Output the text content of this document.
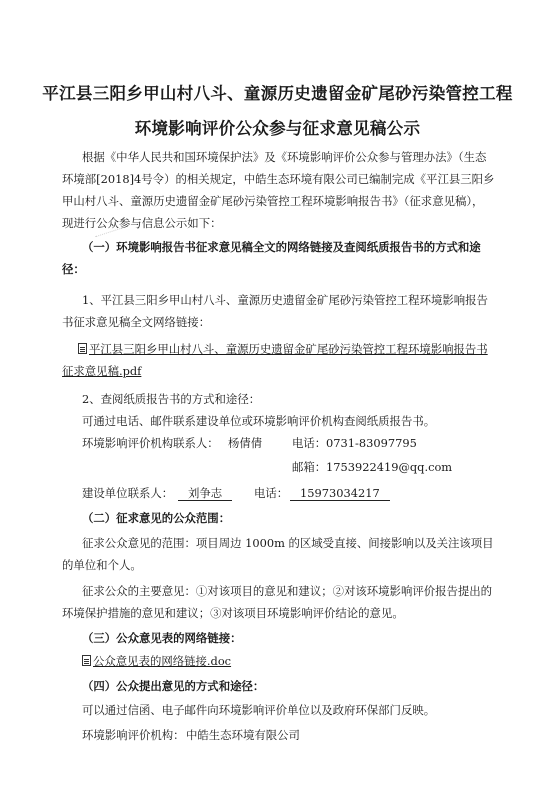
平江县三阳乡甲山村八斗、童源历史遗留金矿尾砂污染管控工程
环境影响评价公众参与征求意见稿公示
根据《中华人民共和国环境保护法》及《环境影响评价公众参与管理办法》（生态
环境部[2018]4号令）的相关规定，中皓生态环境有限公司已编制完成《平江县三阳乡
甲山村八斗、童源历史遗留金矿尾砂污染管控工程环境影响报告书》（征求意见稿），
现进行公众参与信息公示如下：
（一）环境影响报告书征求意见稿全文的网络链接及查阅纸质报告书的方式和途
径：
1、平江县三阳乡甲山村八斗、童源历史遗留金矿尾砂污染管控工程环境影响报告
书征求意见稿全文网络链接：
平江县三阳乡甲山村八斗、童源历史遗留金矿尾砂污染管控工程环境影响报告书
征求意见稿.pdf
2、查阅纸质报告书的方式和途径：
可通过电话、邮件联系建设单位或环境影响评价机构查阅纸质报告书。
环境影响评价机构联系人： 杨倩倩	电话： 0731-83097795
邮箱： 1753922419@qq.com
建设单位联系人：	刘争志	电话：	15973034217
（二）征求意见的公众范围：
征求公众意见的范围：项目周边 1000m 的区域受直接、间接影响以及关注该项目
的单位和个人。
征求公众的主要意见：①对该项目的意见和建议；②对该环境影响评价报告提出的
环境保护措施的意见和建议；③对该项目环境影响评价结论的意见。
（三）公众意见表的网络链接：
公众意见表的网络链接.doc
（四）公众提出意见的方式和途径：
可以通过信函、电子邮件向环境影响评价单位以及政府环保部门反映。
环境影响评价机构： 中皓生态环境有限公司
